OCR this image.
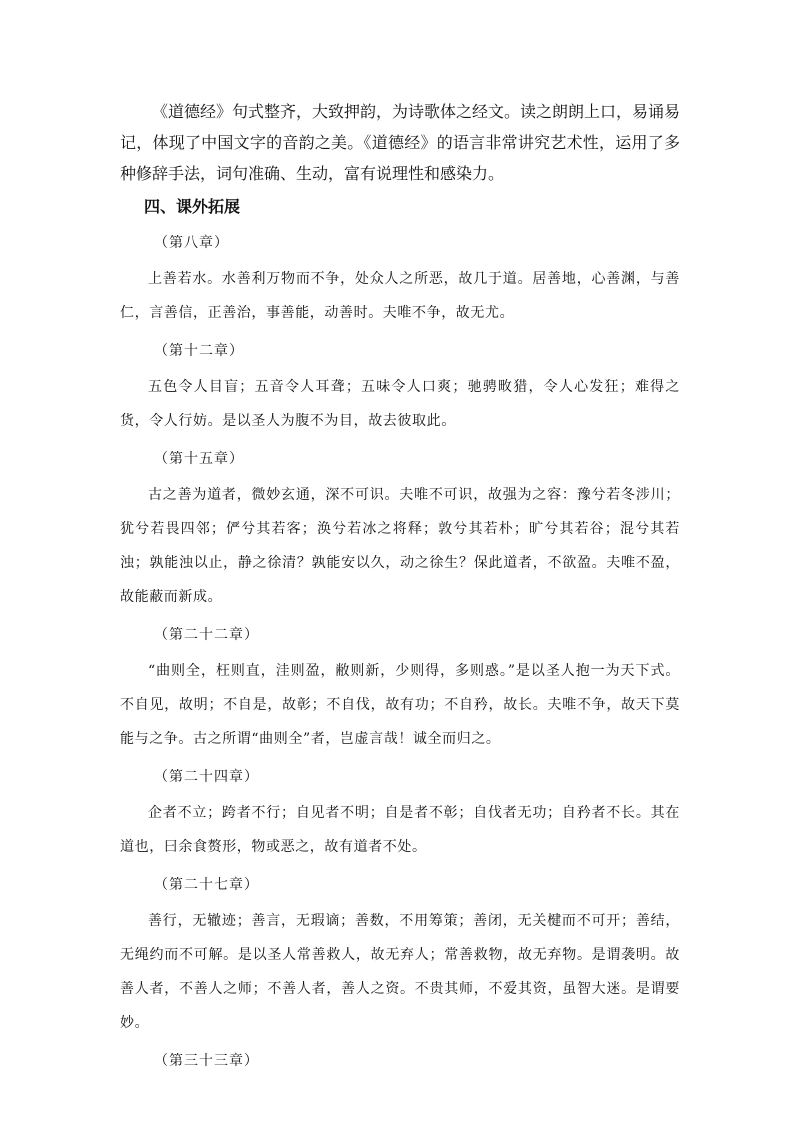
《道德经》句式整齐，大致押韵，为诗歌体之经文。读之朗朗上口，易诵易记，体现了中国文字的音韵之美。《道德经》的语言非常讲究艺术性，运用了多种修辞手法，词句准确、生动，富有说理性和感染力。

四、课外拓展
（第八章）

上善若水。水善利万物而不争，处众人之所恶，故几于道。居善地，心善渊，与善仁，言善信，正善治，事善能，动善时。夫唯不争，故无尤。

（第十二章）

五色令人目盲；五音令人耳聋；五味令人口爽；驰骋畋猎，令人心发狂；难得之货，令人行妨。是以圣人为腹不为目，故去彼取此。

（第十五章）

古之善为道者，微妙玄通，深不可识。夫唯不可识，故强为之容：豫兮若冬涉川；犹兮若畏四邻；俨兮其若客；涣兮若冰之将释；敦兮其若朴；旷兮其若谷；混兮其若浊；孰能浊以止，静之徐清？孰能安以久，动之徐生？保此道者，不欲盈。夫唯不盈，故能蔽而新成。

（第二十二章）

“曲则全，枉则直，洼则盈，敝则新，少则得，多则惑。”是以圣人抱一为天下式。不自见，故明；不自是，故彰；不自伐，故有功；不自矜，故长。夫唯不争，故天下莫能与之争。古之所谓“曲则全”者，岂虚言哉！诚全而归之。

（第二十四章）

企者不立；跨者不行；自见者不明；自是者不彰；自伐者无功；自矜者不长。其在道也，曰余食赘形，物或恶之，故有道者不处。

（第二十七章）

善行，无辙迹；善言，无瑕谪；善数，不用筹策；善闭，无关楗而不可开；善结，无绳约而不可解。是以圣人常善救人，故无弃人；常善救物，故无弃物。是谓袭明。故善人者，不善人之师；不善人者，善人之资。不贵其师，不爱其资，虽智大迷。是谓要妙。

（第三十三章）
